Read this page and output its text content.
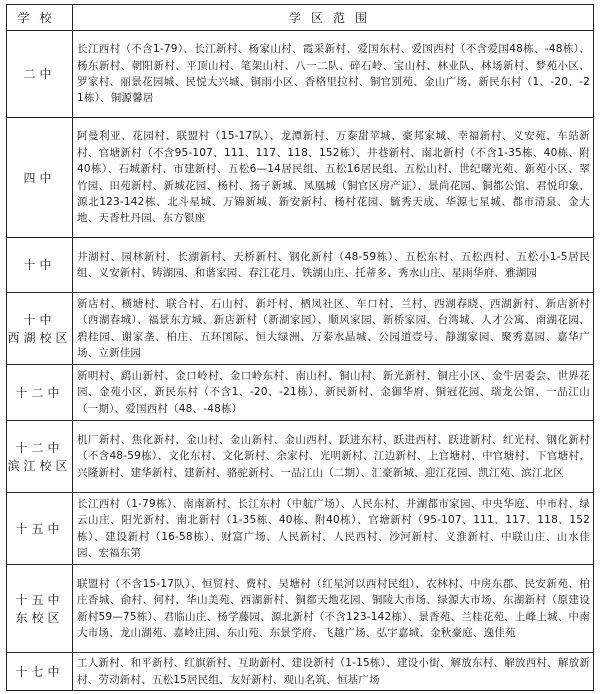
学校	学区范围
二中	长江西村（不含1-79）、长江新村、杨家山村、霞采新村、爱国东村、爱国西村（不含爱国48栋、-48栋）、杨东新村、朝阳新村、平顶山村、笔架山村、八一二队、碎石岭、宝山村、林业队、林场新村、梦苑小区、罗家村、丽景花园城、民悦大兴城、铜雨小区、香格里拉村、铜官别苑、金山广场、新民东村（1、-20、-21栋）、铜源馨居
四中	阿曼利亚、花园村、联盟村（15-17队）、龙潭新村、万泰甜苹城、豪邦家城、幸福新村、义安苑、车站新村、官塘新村（不含95-107、111、117、118、152栋）、井巷新村、南北新村（不含1-35栋、40栋、附40栋）、石城新村、市建新村、五松6—14居民组、五松16居民组、五松山村、世纪曙光苑、新苑小区、翠竹园、田苑新村、新城花园、杨村、扬子新城、凤凰城（铜官区房产证）、景尚花园、铜都公馆、君悦印象、源北123-142栋、北斗星城、万锦新城、新安新村、杨村花园、毓秀天成、华源七星城、都市清泉、金大地、天香杜丹园、东方银座
十中	井湖村、园林新村、长湖新村、天桥新村、钢化新村（48-59栋）、五松东村、五松西村、五松小1-5居民组、义安新村、铸湖园、和谐家园、春江花月、铁湖山庄、托蒂多、秀水山庄、星雨华府、雅湖园
十中
西湖校区	新店村、横塘村、联合村、石山村、新圩村、栖凤社区、车口村、兰村、西湖春晓、西湖新村、新店新村（西湖春城）、福景东方城、新店新村（新湖家园）、顺风家园、新桥家园、台湾城、人才公寓、南湖花园、碧桂园、谢家垄、柏庄、五环国际、恒大绿洲、万泰水晶城、公园道壹号、静湖家园、聚秀嘉园、嘉华广场、立新佳园
十二中	新明村、鹞山新村、金口岭村、金口岭东村、南山村、铜山村、新光新村、铜庄小区、金牛居委会、世界花园、金苑小区、新民东村（不含1、-20、-21栋）、新民新村、金御华府、铜冠花园、瑞龙公馆、一品江山（一期）、爱国西村（48、-48栋）
十二中
滨江校区	机厂新村、焦化新村、金山村、金山新村、金山西村、跃进东村、跃进西村、跃进新村、红光村、钢化新村（不含48-59栋）、文化东村、文化新村、余家村、光明新村、江边新村、上官塘村、中官塘村、下官塘村、兴隆新村、建华新村、建新村、骆驼新村、一品江山（二期）、汇豪新城、迎江花园、凯江苑、滨江北区
十五中	长江西村（1-79栋）、南南新村、长江东村（中航广场）、人民东村、井湖都市家园、中央华庭、中市村、绿云山庄、阳光新村、南北新村（1-35栋、40栋、附40栋）、官塘新村（95-107、111、117、118、152栋）、建设新村（16-58栋）、财富广场、人民新村、人民西村、沙河新村、义淮新村、中联山庄、山水佳园、宏福东第
十五中
东校区	联盟村（不含15-17队）、恒贸村、费村、吴塘村（红星河以西村民组）、农林村、中房东郡、民安新苑、柏庄香城、俞村、何村、华山美苑、西湖新村、铜都天地花园、铜陵大市场、绿源大市场、东湖新村（原建设新村59—75栋）、君临山庄、杨学藤园、源北新村（不含123-142栋）、景香苑、兰桂花苑、上峰上城、中南大市场、龙山湖苑、嘉岭庄园、东山苑、东景学府、飞越广场、弘宇嘉城、金秋豪庭、逸佳苑
十七中	工人新村、和平新村、红旗新村、互助新村、建设新村（1-15栋）、建设小街、解放东村、解放西村、解放新村、劳动新村、五松15居民组、友好新村、观山名筑、恒基广场
